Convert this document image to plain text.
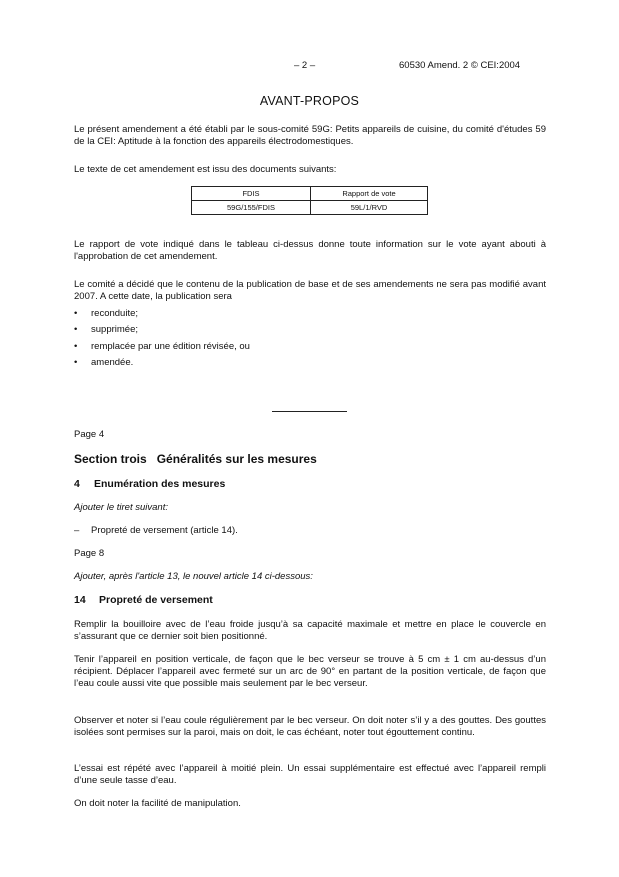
– 2 –	60530 Amend. 2 © CEI:2004
AVANT-PROPOS
Le présent amendement a été établi par le sous-comité 59G: Petits appareils de cuisine, du comité d'études 59 de la CEI: Aptitude à la fonction des appareils électrodomestiques.
Le texte de cet amendement est issu des documents suivants:
FDIS	Rapport de vote
59G/155/FDIS	59L/1/RVD
Le rapport de vote indiqué dans le tableau ci-dessus donne toute information sur le vote ayant abouti à l'approbation de cet amendement.
Le comité a décidé que le contenu de la publication de base et de ses amendements ne sera pas modifié avant 2007. A cette date, la publication sera
• reconduite;
• supprimée;
• remplacée par une édition révisée, ou
• amendée.
Page 4
Section trois Généralités sur les mesures
4 Enumération des mesures
Ajouter le tiret suivant:
– Propreté de versement (article 14).
Page 8
Ajouter, après l'article 13, le nouvel article 14 ci-dessous:
14 Propreté de versement
Remplir la bouilloire avec de l’eau froide jusqu’à sa capacité maximale et mettre en place le couvercle en s’assurant que ce dernier soit bien positionné.
Tenir l’appareil en position verticale, de façon que le bec verseur se trouve à 5 cm ± 1 cm au-dessus d’un récipient. Déplacer l’appareil avec fermeté sur un arc de 90° en partant de la position verticale, de façon que l’eau coule aussi vite que possible mais seulement par le bec verseur.
Observer et noter si l’eau coule régulièrement par le bec verseur. On doit noter s’il y a des gouttes. Des gouttes isolées sont permises sur la paroi, mais on doit, le cas échéant, noter tout égouttement continu.
L’essai est répété avec l’appareil à moitié plein. Un essai supplémentaire est effectué avec l’appareil rempli d’une seule tasse d’eau.
On doit noter la facilité de manipulation.
